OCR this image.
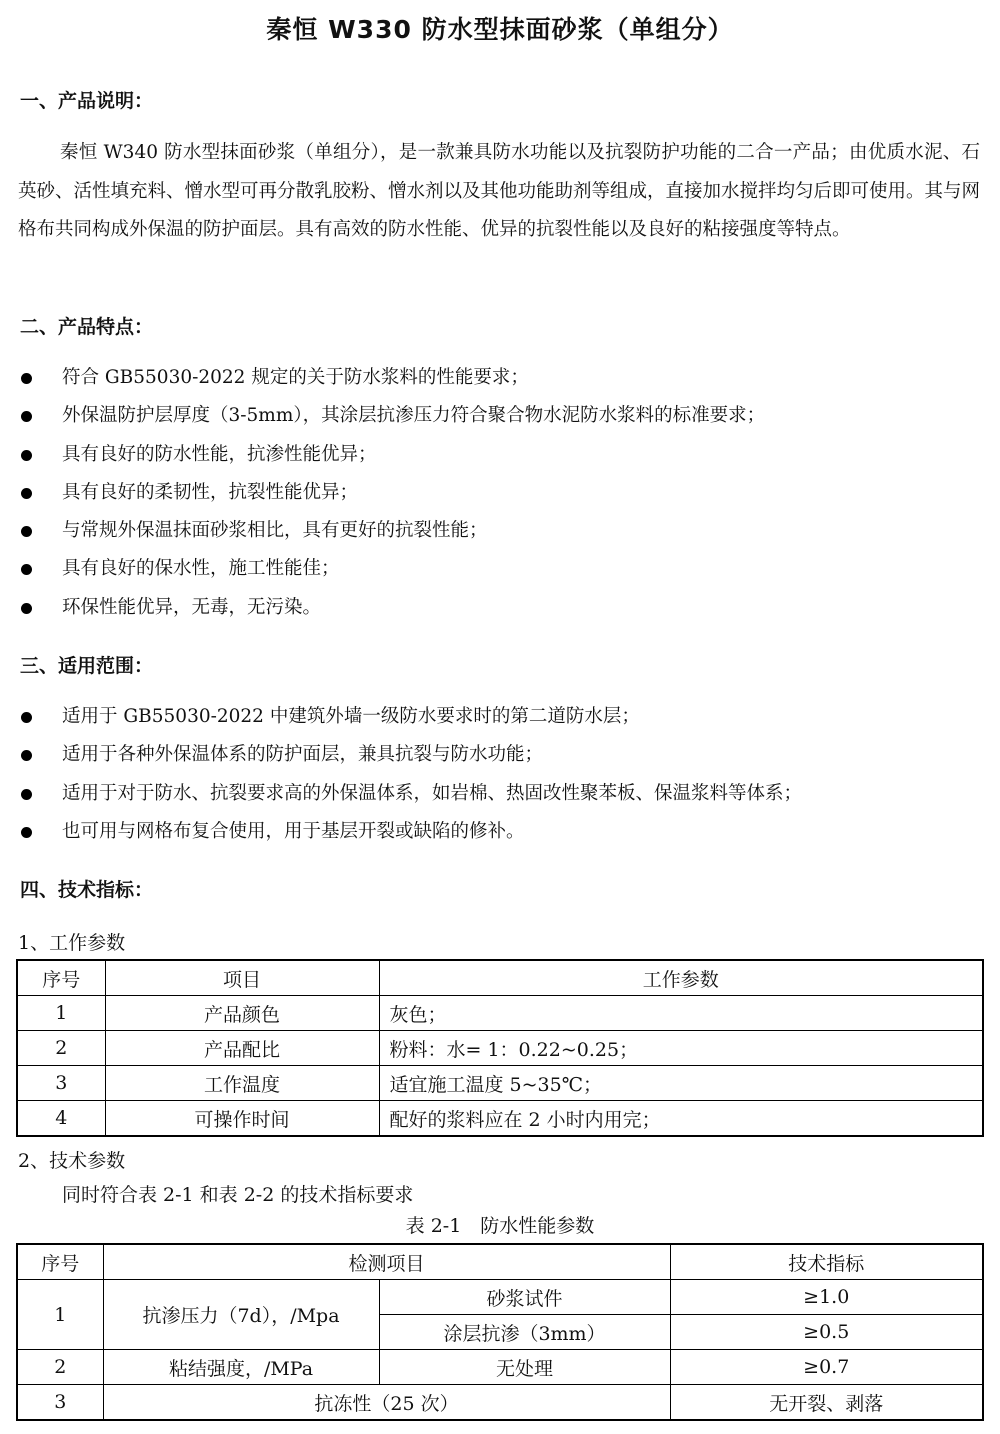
秦恒 W330 防水型抹面砂浆（单组分）
一、产品说明：

秦恒 W340 防水型抹面砂浆（单组分），是一款兼具防水功能以及抗裂防护功能的二合一产品；由优质水泥、石英砂、活性填充料、憎水型可再分散乳胶粉、憎水剂以及其他功能助剂等组成，直接加水搅拌均匀后即可使用。其与网格布共同构成外保温的防护面层。具有高效的防水性能、优异的抗裂性能以及良好的粘接强度等特点。

二、产品特点：
符合 GB55030-2022 规定的关于防水浆料的性能要求；
外保温防护层厚度（3-5mm），其涂层抗渗压力符合聚合物水泥防水浆料的标准要求；
具有良好的防水性能，抗渗性能优异；
具有良好的柔韧性，抗裂性能优异；
与常规外保温抹面砂浆相比，具有更好的抗裂性能；
具有良好的保水性，施工性能佳；
环保性能优异，无毒，无污染。
三、适用范围：
适用于 GB55030-2022 中建筑外墙一级防水要求时的第二道防水层；
适用于各种外保温体系的防护面层，兼具抗裂与防水功能；
适用于对于防水、抗裂要求高的外保温体系，如岩棉、热固改性聚苯板、保温浆料等体系；
也可用与网格布复合使用，用于基层开裂或缺陷的修补。
四、技术指标：
1、工作参数
序号	项目	工作参数
1	产品颜色	灰色；
2	产品配比	粉料：水= 1：0.22~0.25；
3	工作温度	适宜施工温度 5~35℃；
4	可操作时间	配好的浆料应在 2 小时内用完；
2、技术参数
同时符合表 2-1 和表 2-2 的技术指标要求
表 2-1　防水性能参数
序号	检测项目		技术指标
1	抗渗压力（7d），/Mpa	砂浆试件	≥1.0
		涂层抗渗（3mm）	≥0.5
2	粘结强度，/MPa	无处理	≥0.7
3	抗冻性（25 次）		无开裂、剥落
